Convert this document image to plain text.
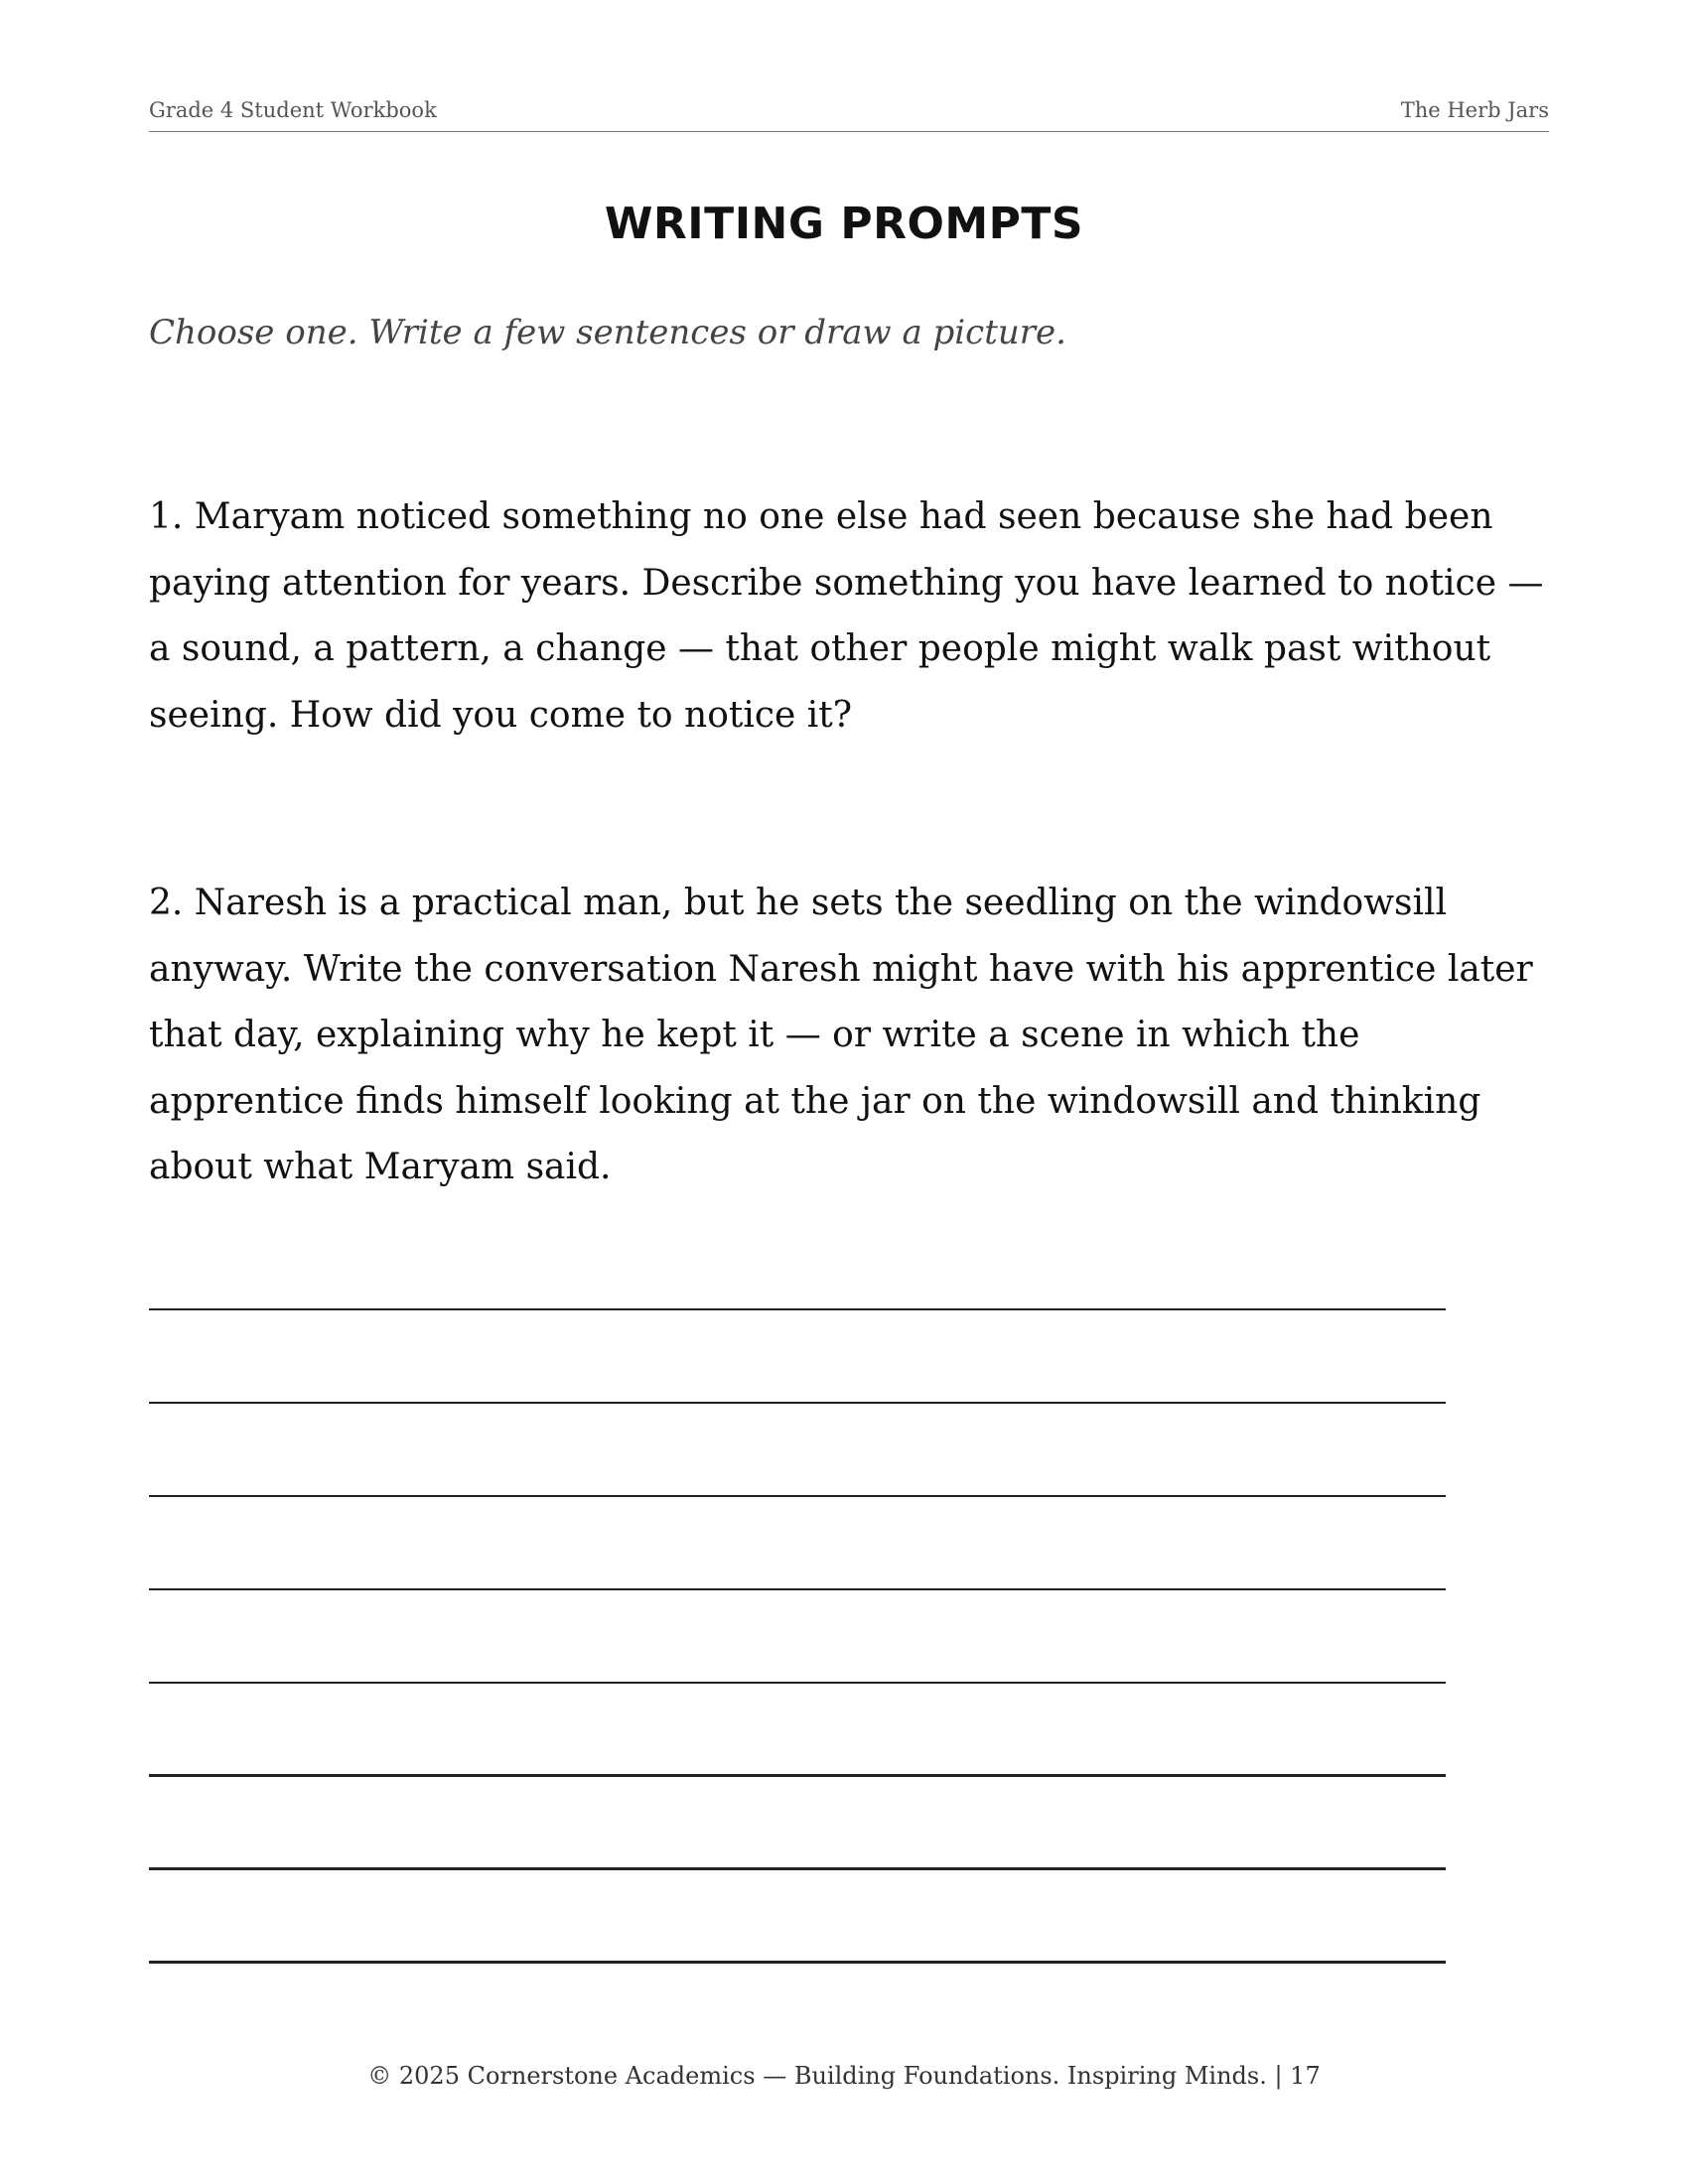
Grade 4 Student Workbook	The Herb Jars
WRITING PROMPTS
Choose one. Write a few sentences or draw a picture.
1. Maryam noticed something no one else had seen because she had been paying attention for years. Describe something you have learned to notice — a sound, a pattern, a change — that other people might walk past without seeing. How did you come to notice it?
2. Naresh is a practical man, but he sets the seedling on the windowsill anyway. Write the conversation Naresh might have with his apprentice later that day, explaining why he kept it — or write a scene in which the apprentice finds himself looking at the jar on the windowsill and thinking about what Maryam said.
© 2025 Cornerstone Academics — Building Foundations. Inspiring Minds. | 17
